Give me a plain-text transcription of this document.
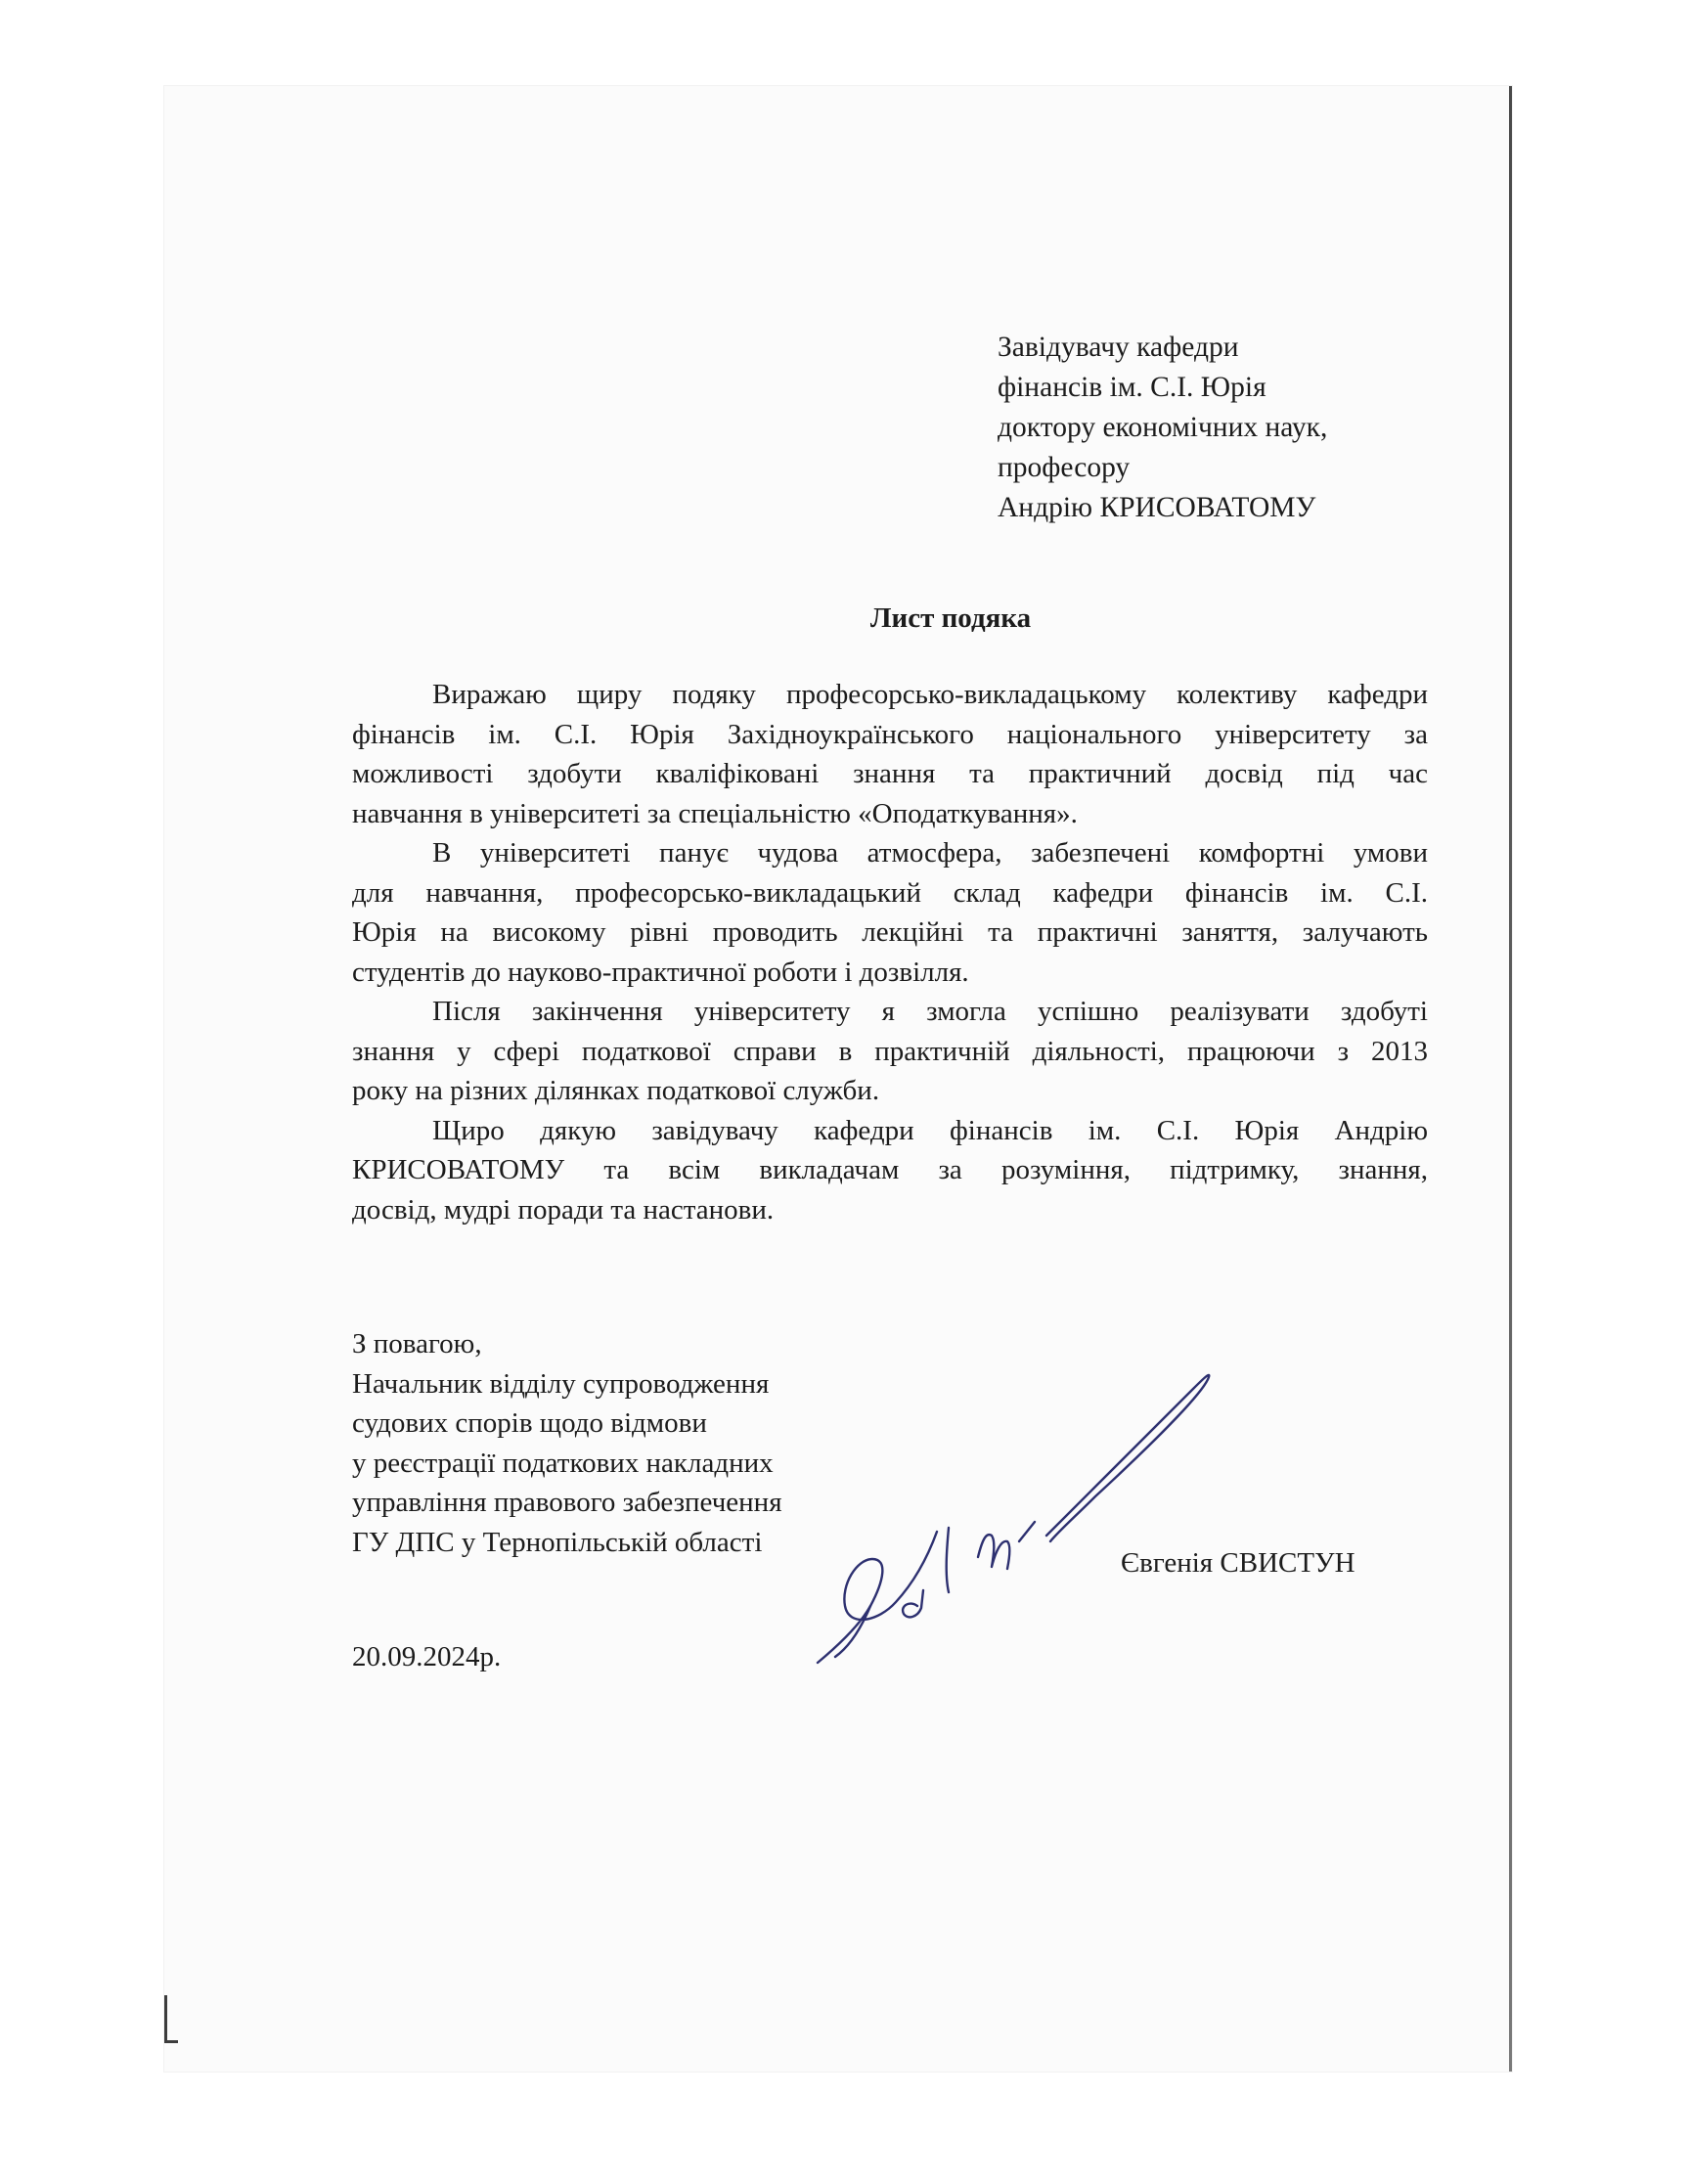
Завідувачу кафедри
фінансів ім. С.І. Юрія
доктору економічних наук,
професору
Андрію КРИСОВАТОМУ
Лист подяка
Виражаю щиру подяку професорсько-викладацькому колективу кафедри
фінансів ім. С.І. Юрія Західноукраїнського національного університету за
можливості здобути кваліфіковані знання та практичний досвід під час
навчання в університеті за спеціальністю «Оподаткування».
В університеті панує чудова атмосфера, забезпечені комфортні умови
для навчання, професорсько-викладацький склад кафедри фінансів ім. С.І.
Юрія на високому рівні проводить лекційні та практичні заняття, залучають
студентів до науково-практичної роботи і дозвілля.
Після закінчення університету я змогла успішно реалізувати здобуті
знання у сфері податкової справи в практичній діяльності, працюючи з 2013
року на різних ділянках податкової служби.
Щиро дякую завідувачу кафедри фінансів ім. С.І. Юрія Андрію
КРИСОВАТОМУ та всім викладачам за розуміння, підтримку, знання,
досвід, мудрі поради та настанови.
З повагою,
Начальник відділу супроводження
судових спорів щодо відмови
у реєстрації податкових накладних
управління правового забезпечення
ГУ ДПС у Тернопільській області
Євгенія СВИСТУН
20.09.2024р.
